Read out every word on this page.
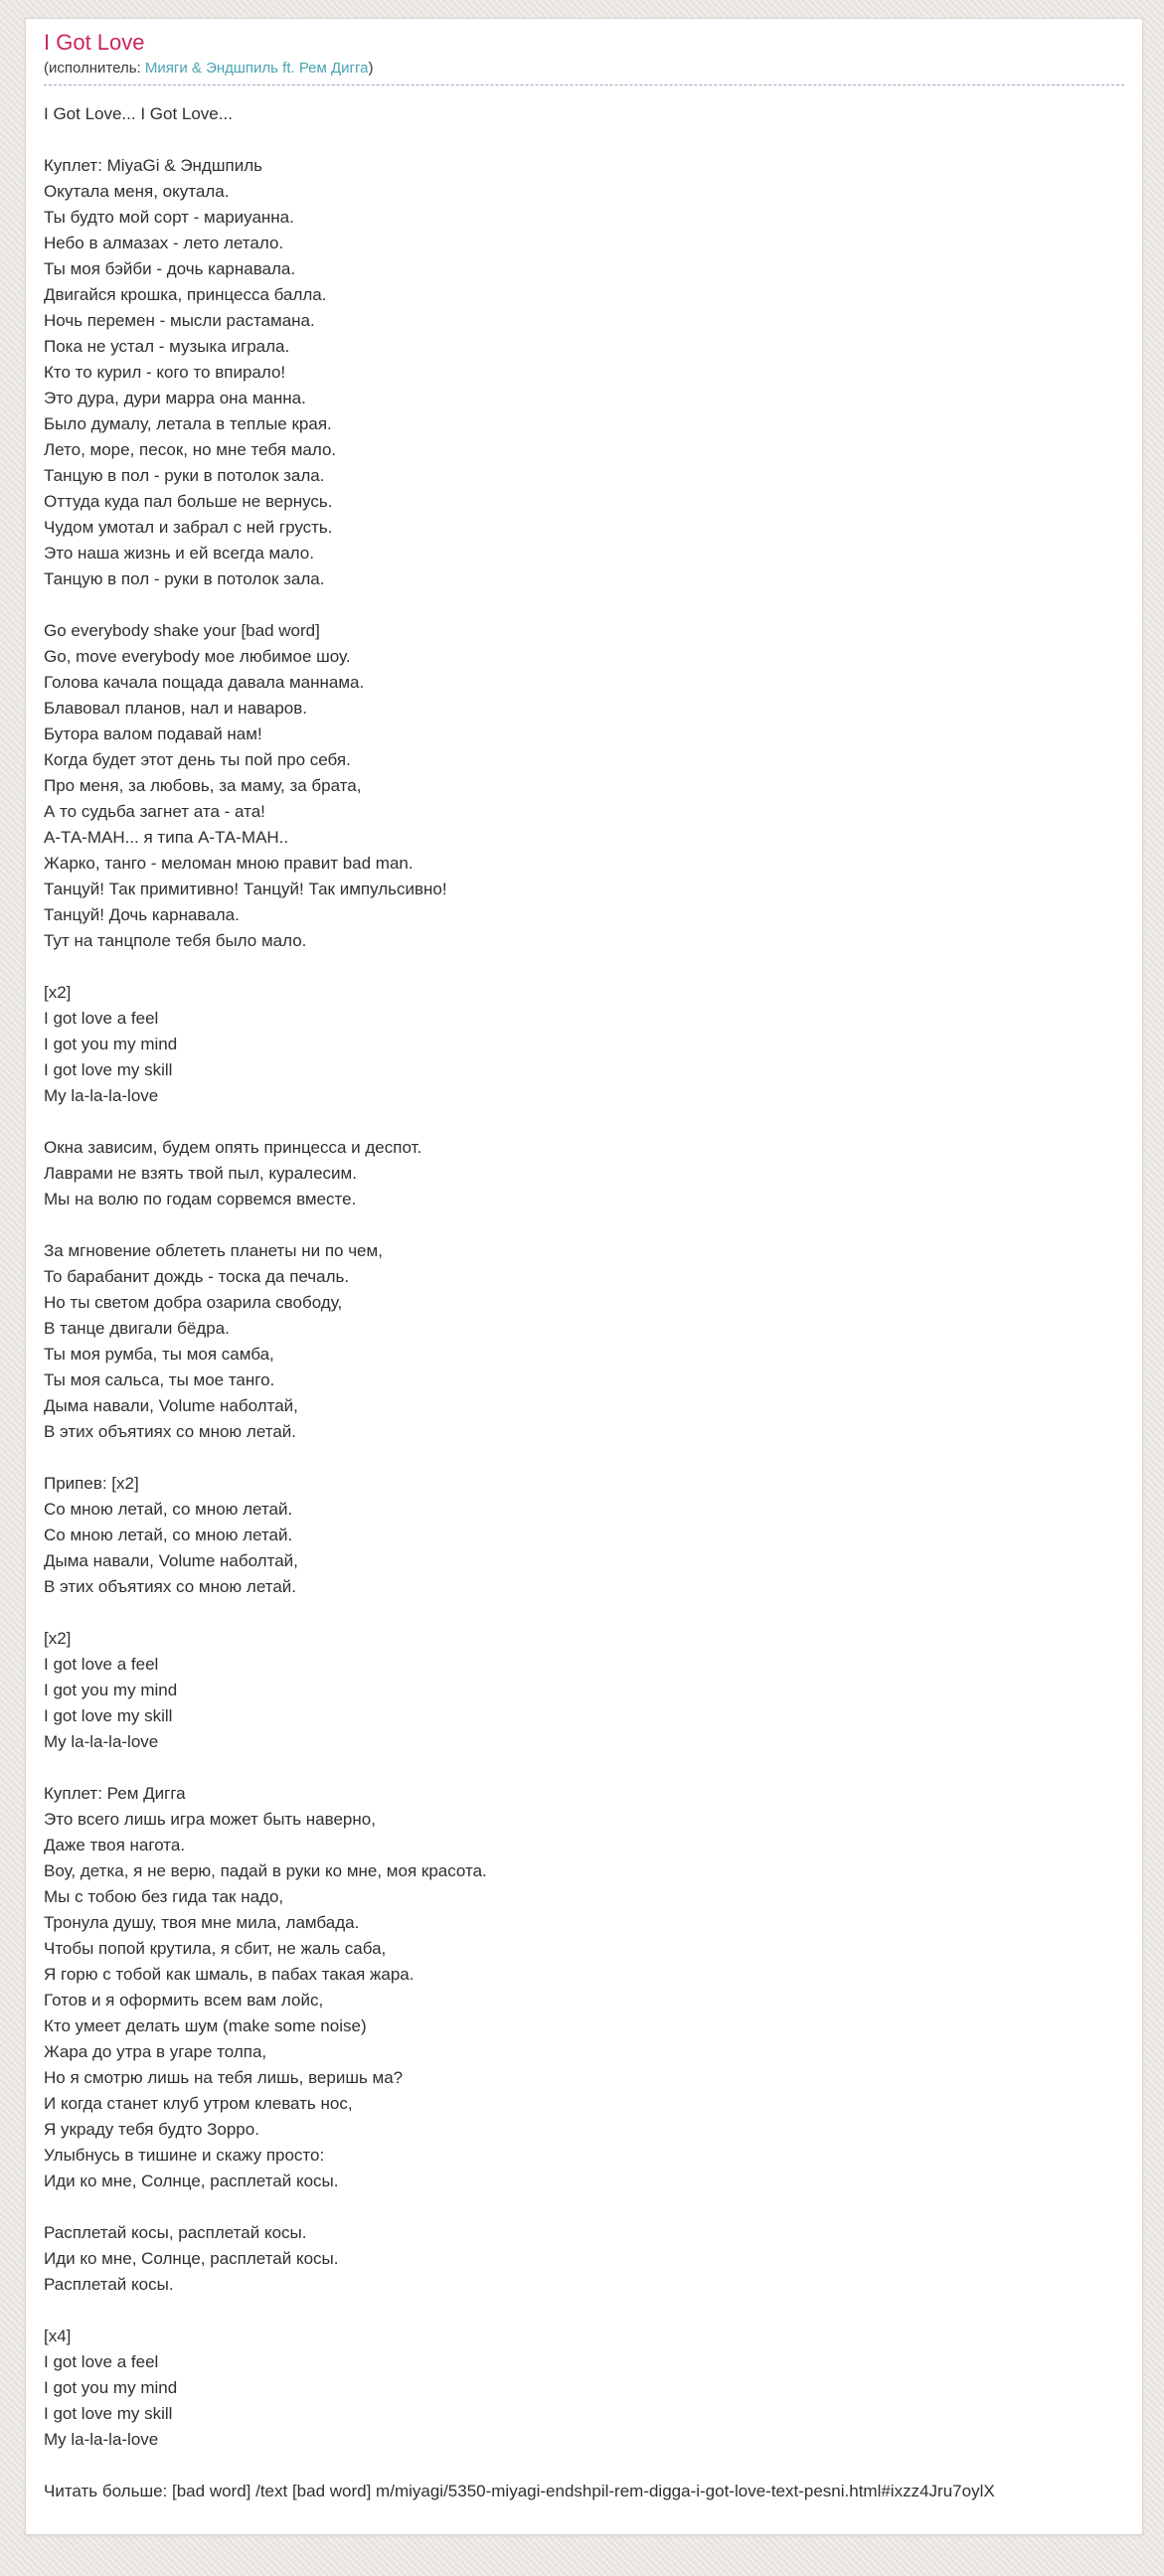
I Got Love
(исполнитель: Мияги & Эндшпиль ft. Рем Дигга)
I Got Love... I Got Love...
Куплет: MiyaGi & Эндшпиль
Окутала меня, окутала.
Ты будто мой сорт - мариуанна.
Небо в алмазах - лето летало.
Ты моя бэйби - дочь карнавала.
Двигайся крошка, принцесса балла.
Ночь перемен - мысли растамана.
Пока не устал - музыка играла.
Кто то курил - кого то впирало!
Это дура, дури марра она манна.
Было думалу, летала в теплые края.
Лето, море, песок, но мне тебя мало.
Танцую в пол - руки в потолок зала.
Оттуда куда пал больше не вернусь.
Чудом умотал и забрал с ней грусть.
Это наша жизнь и ей всегда мало.
Танцую в пол - руки в потолок зала.
Go everybody shake your [bad word]
Go, move everybody мое любимое шоу.
Голова качала пощада давала маннама.
Блавовал планов, нал и наваров.
Бутора валом подавай нам!
Когда будет этот день ты пой про себя.
Про меня, за любовь, за маму, за брата,
А то судьба загнет ата - ата!
А-ТА-МАН... я типа А-ТА-МАН..
Жарко, танго - меломан мною правит bad man.
Танцуй! Так примитивно! Танцуй! Так импульсивно!
Танцуй! Дочь карнавала.
Тут на танцполе тебя было мало.
[x2]
I got love a feel
I got you my mind
I got love my skill
My la-la-la-love
Окна зависим, будем опять принцесса и деспот.
Лаврами не взять твой пыл, куралесим.
Мы на волю по годам сорвемся вместе.
За мгновение облететь планеты ни по чем,
То барабанит дождь - тоска да печаль.
Но ты светом добра озарила свободу,
В танце двигали бёдра.
Ты моя румба, ты моя самба,
Ты моя сальса, ты мое танго.
Дыма навали, Volume наболтай,
В этих объятиях со мною летай.
Припев: [x2]
Со мною летай, со мною летай.
Со мною летай, со мною летай.
Дыма навали, Volume наболтай,
В этих объятиях со мною летай.
[x2]
I got love a feel
I got you my mind
I got love my skill
My la-la-la-love
Куплет: Рем Дигга
Это всего лишь игра может быть наверно,
Даже твоя нагота.
Воу, детка, я не верю, падай в руки ко мне, моя красота.
Мы с тобою без гида так надо,
Тронула душу, твоя мне мила, ламбада.
Чтобы попой крутила, я сбит, не жаль саба,
Я горю с тобой как шмаль, в пабах такая жара.
Готов и я оформить всем вам лойс,
Кто умеет делать шум (make some noise)
Жара до утра в угаре толпа,
Но я смотрю лишь на тебя лишь, веришь ма?
И когда станет клуб утром клевать нос,
Я украду тебя будто Зорро.
Улыбнусь в тишине и скажу просто:
Иди ко мне, Солнце, расплетай косы.
Расплетай косы, расплетай косы.
Иди ко мне, Солнце, расплетай косы.
Расплетай косы.
[x4]
I got love a feel
I got you my mind
I got love my skill
My la-la-la-love
Читать больше: [bad word] /text [bad word] m/miyagi/5350-miyagi-endshpil-rem-digga-i-got-love-text-pesni.html#ixzz4Jru7oylX
